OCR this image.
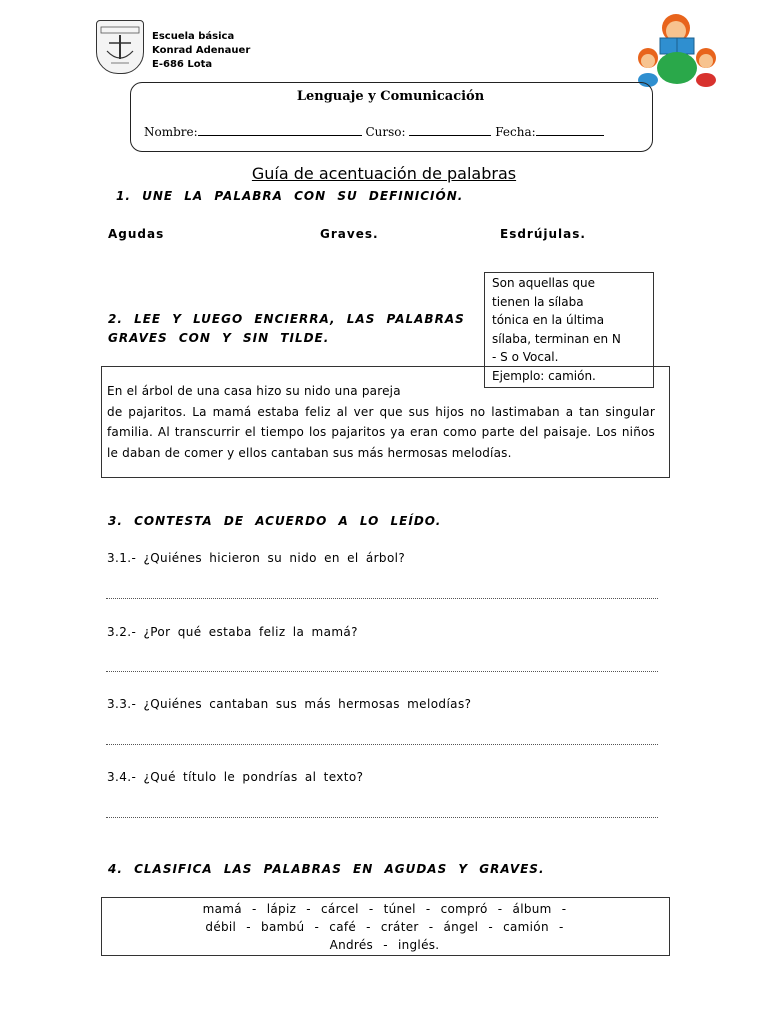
Escuela básica
Konrad Adenauer
E-686 Lota
Lenguaje y Comunicación
Nombre:	Curso:	Fecha:
Guía de acentuación de palabras
1. UNE LA PALABRA CON SU DEFINICIÓN.
Agudas	Graves.	Esdrújulas.
2. LEE Y LUEGO ENCIERRA, LAS PALABRAS
GRAVES CON Y SIN TILDE.
En el árbol de una casa hizo su nido una pareja
de pajaritos. La mamá estaba feliz al ver que sus hijos no lastimaban a tan singular familia. Al transcurrir el tiempo los pajaritos ya eran como parte del paisaje. Los niños le daban de comer y ellos cantaban sus más hermosas melodías.
Son aquellas que
tienen la sílaba
tónica en la última
sílaba, terminan en N
- S o Vocal.
Ejemplo: camión.
3. CONTESTA DE ACUERDO A LO LEÍDO.
3.1.- ¿Quiénes hicieron su nido en el árbol?
3.2.- ¿Por qué estaba feliz la mamá?
3.3.- ¿Quiénes cantaban sus más hermosas melodías?
3.4.- ¿Qué título le pondrías al texto?
4. CLASIFICA LAS PALABRAS EN AGUDAS Y GRAVES.
mamá - lápiz - cárcel - túnel - compró - álbum -
débil - bambú - café - cráter - ángel - camión -
Andrés - inglés.
